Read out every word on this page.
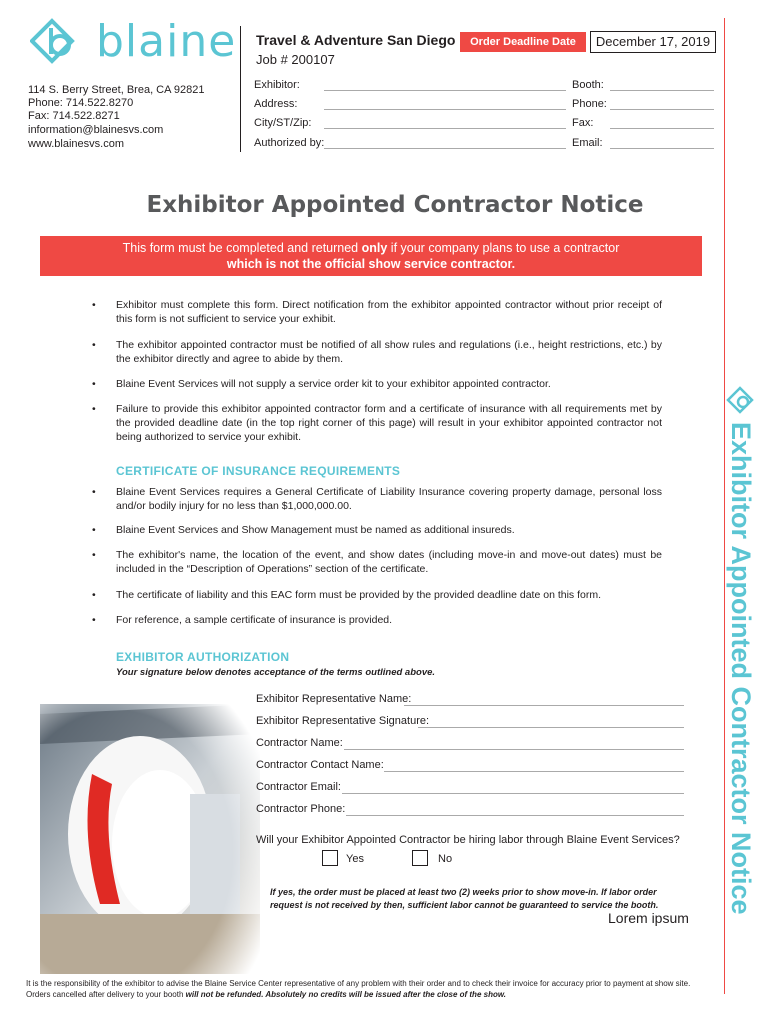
blaine
114 S. Berry Street, Brea, CA 92821
Phone: 714.522.8270
Fax: 714.522.8271
information@blainesvs.com
www.blainesvs.com
Travel & Adventure San Diego
Job # 200107
Order Deadline Date	December 17, 2019
Exhibitor:
Address:
City/ST/Zip:
Authorized by:
Booth:
Phone:
Fax:
Email:
Exhibitor Appointed Contractor Notice
This form must be completed and returned only if your company plans to use a contractor
which is not the official show service contractor.
• Exhibitor must complete this form. Direct notification from the exhibitor appointed contractor without prior receipt of this form is not sufficient to service your exhibit.
• The exhibitor appointed contractor must be notified of all show rules and regulations (i.e., height restrictions, etc.) by the exhibitor directly and agree to abide by them.
• Blaine Event Services will not supply a service order kit to your exhibitor appointed contractor.
• Failure to provide this exhibitor appointed contractor form and a certificate of insurance with all requirements met by the provided deadline date (in the top right corner of this page) will result in your exhibitor appointed contractor not being authorized to service your exhibit.
CERTIFICATE OF INSURANCE REQUIREMENTS
• Blaine Event Services requires a General Certificate of Liability Insurance covering property damage, personal loss and/or bodily injury for no less than $1,000,000.00.
• Blaine Event Services and Show Management must be named as additional insureds.
• The exhibitor's name, the location of the event, and show dates (including move-in and move-out dates) must be included in the “Description of Operations” section of the certificate.
• The certificate of liability and this EAC form must be provided by the provided deadline date on this form.
• For reference, a sample certificate of insurance is provided.
EXHIBITOR AUTHORIZATION
Your signature below denotes acceptance of the terms outlined above.
Exhibitor Representative Name:
Exhibitor Representative Signature:
Contractor Name:
Contractor Contact Name:
Contractor Email:
Contractor Phone:
Will your Exhibitor Appointed Contractor be hiring labor through Blaine Event Services?
Yes	No
If yes, the order must be placed at least two (2) weeks prior to show move-in. If labor order request is not received by then, sufficient labor cannot be guaranteed to service the booth.
Lorem ipsum
Exhibitor Appointed Contractor Notice
It is the responsibility of the exhibitor to advise the Blaine Service Center representative of any problem with their order and to check their invoice for accuracy prior to payment at show site.
Orders cancelled after delivery to your booth will not be refunded. Absolutely no credits will be issued after the close of the show.
